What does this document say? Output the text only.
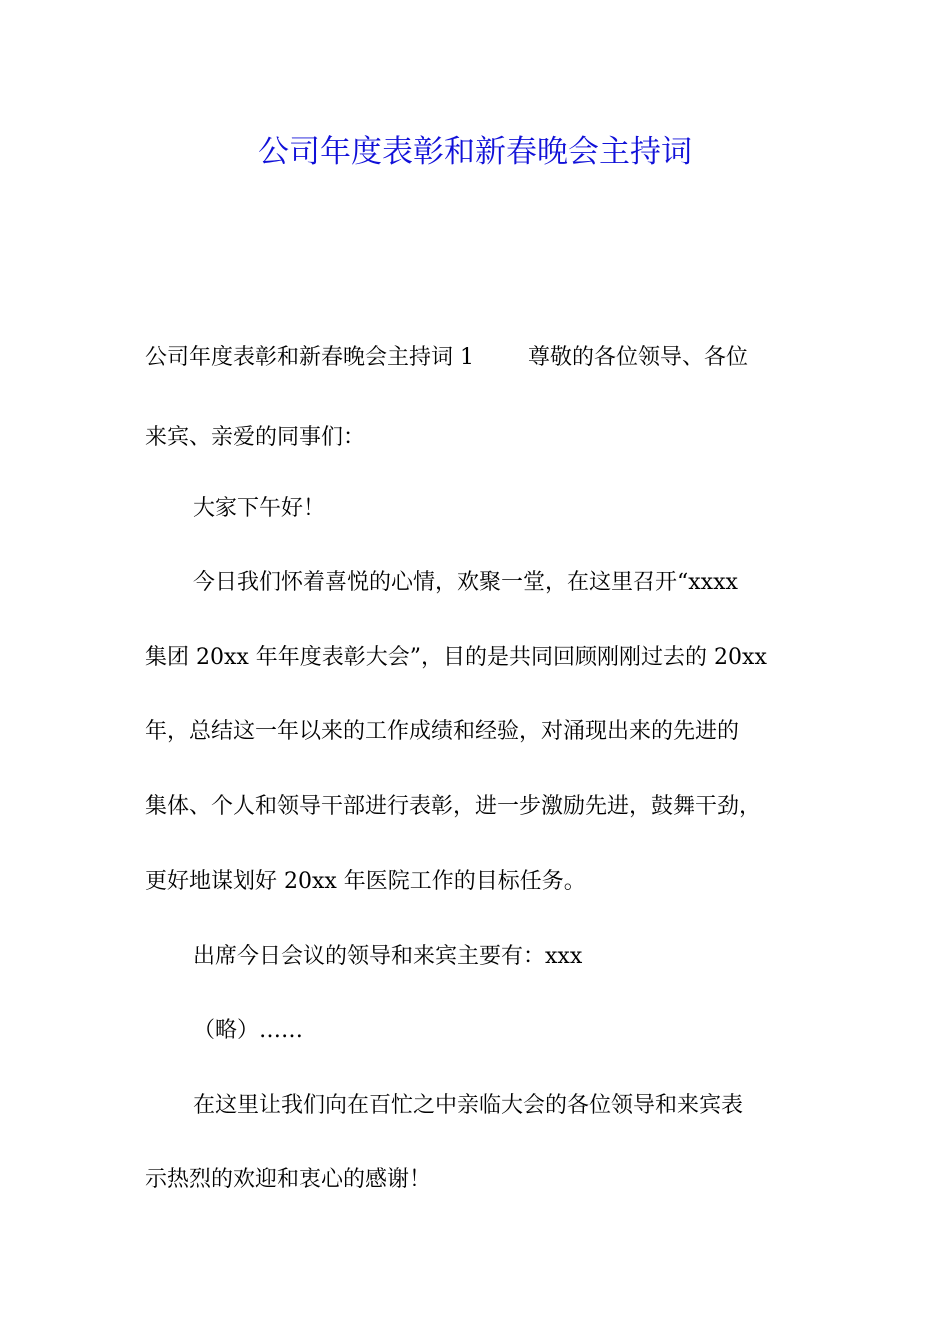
公司年度表彰和新春晚会主持词

公司年度表彰和新春晚会主持词 1 尊敬的各位领导、各位

来宾、亲爱的同事们：

大家下午好！

今日我们怀着喜悦的心情，欢聚一堂，在这里召开“xxxx

集团 20xx 年年度表彰大会”，目的是共同回顾刚刚过去的 20xx

年，总结这一年以来的工作成绩和经验，对涌现出来的先进的

集体、个人和领导干部进行表彰，进一步激励先进，鼓舞干劲，

更好地谋划好 20xx 年医院工作的目标任务。

出席今日会议的领导和来宾主要有：xxx

（略）……

在这里让我们向在百忙之中亲临大会的各位领导和来宾表

示热烈的欢迎和衷心的感谢！
